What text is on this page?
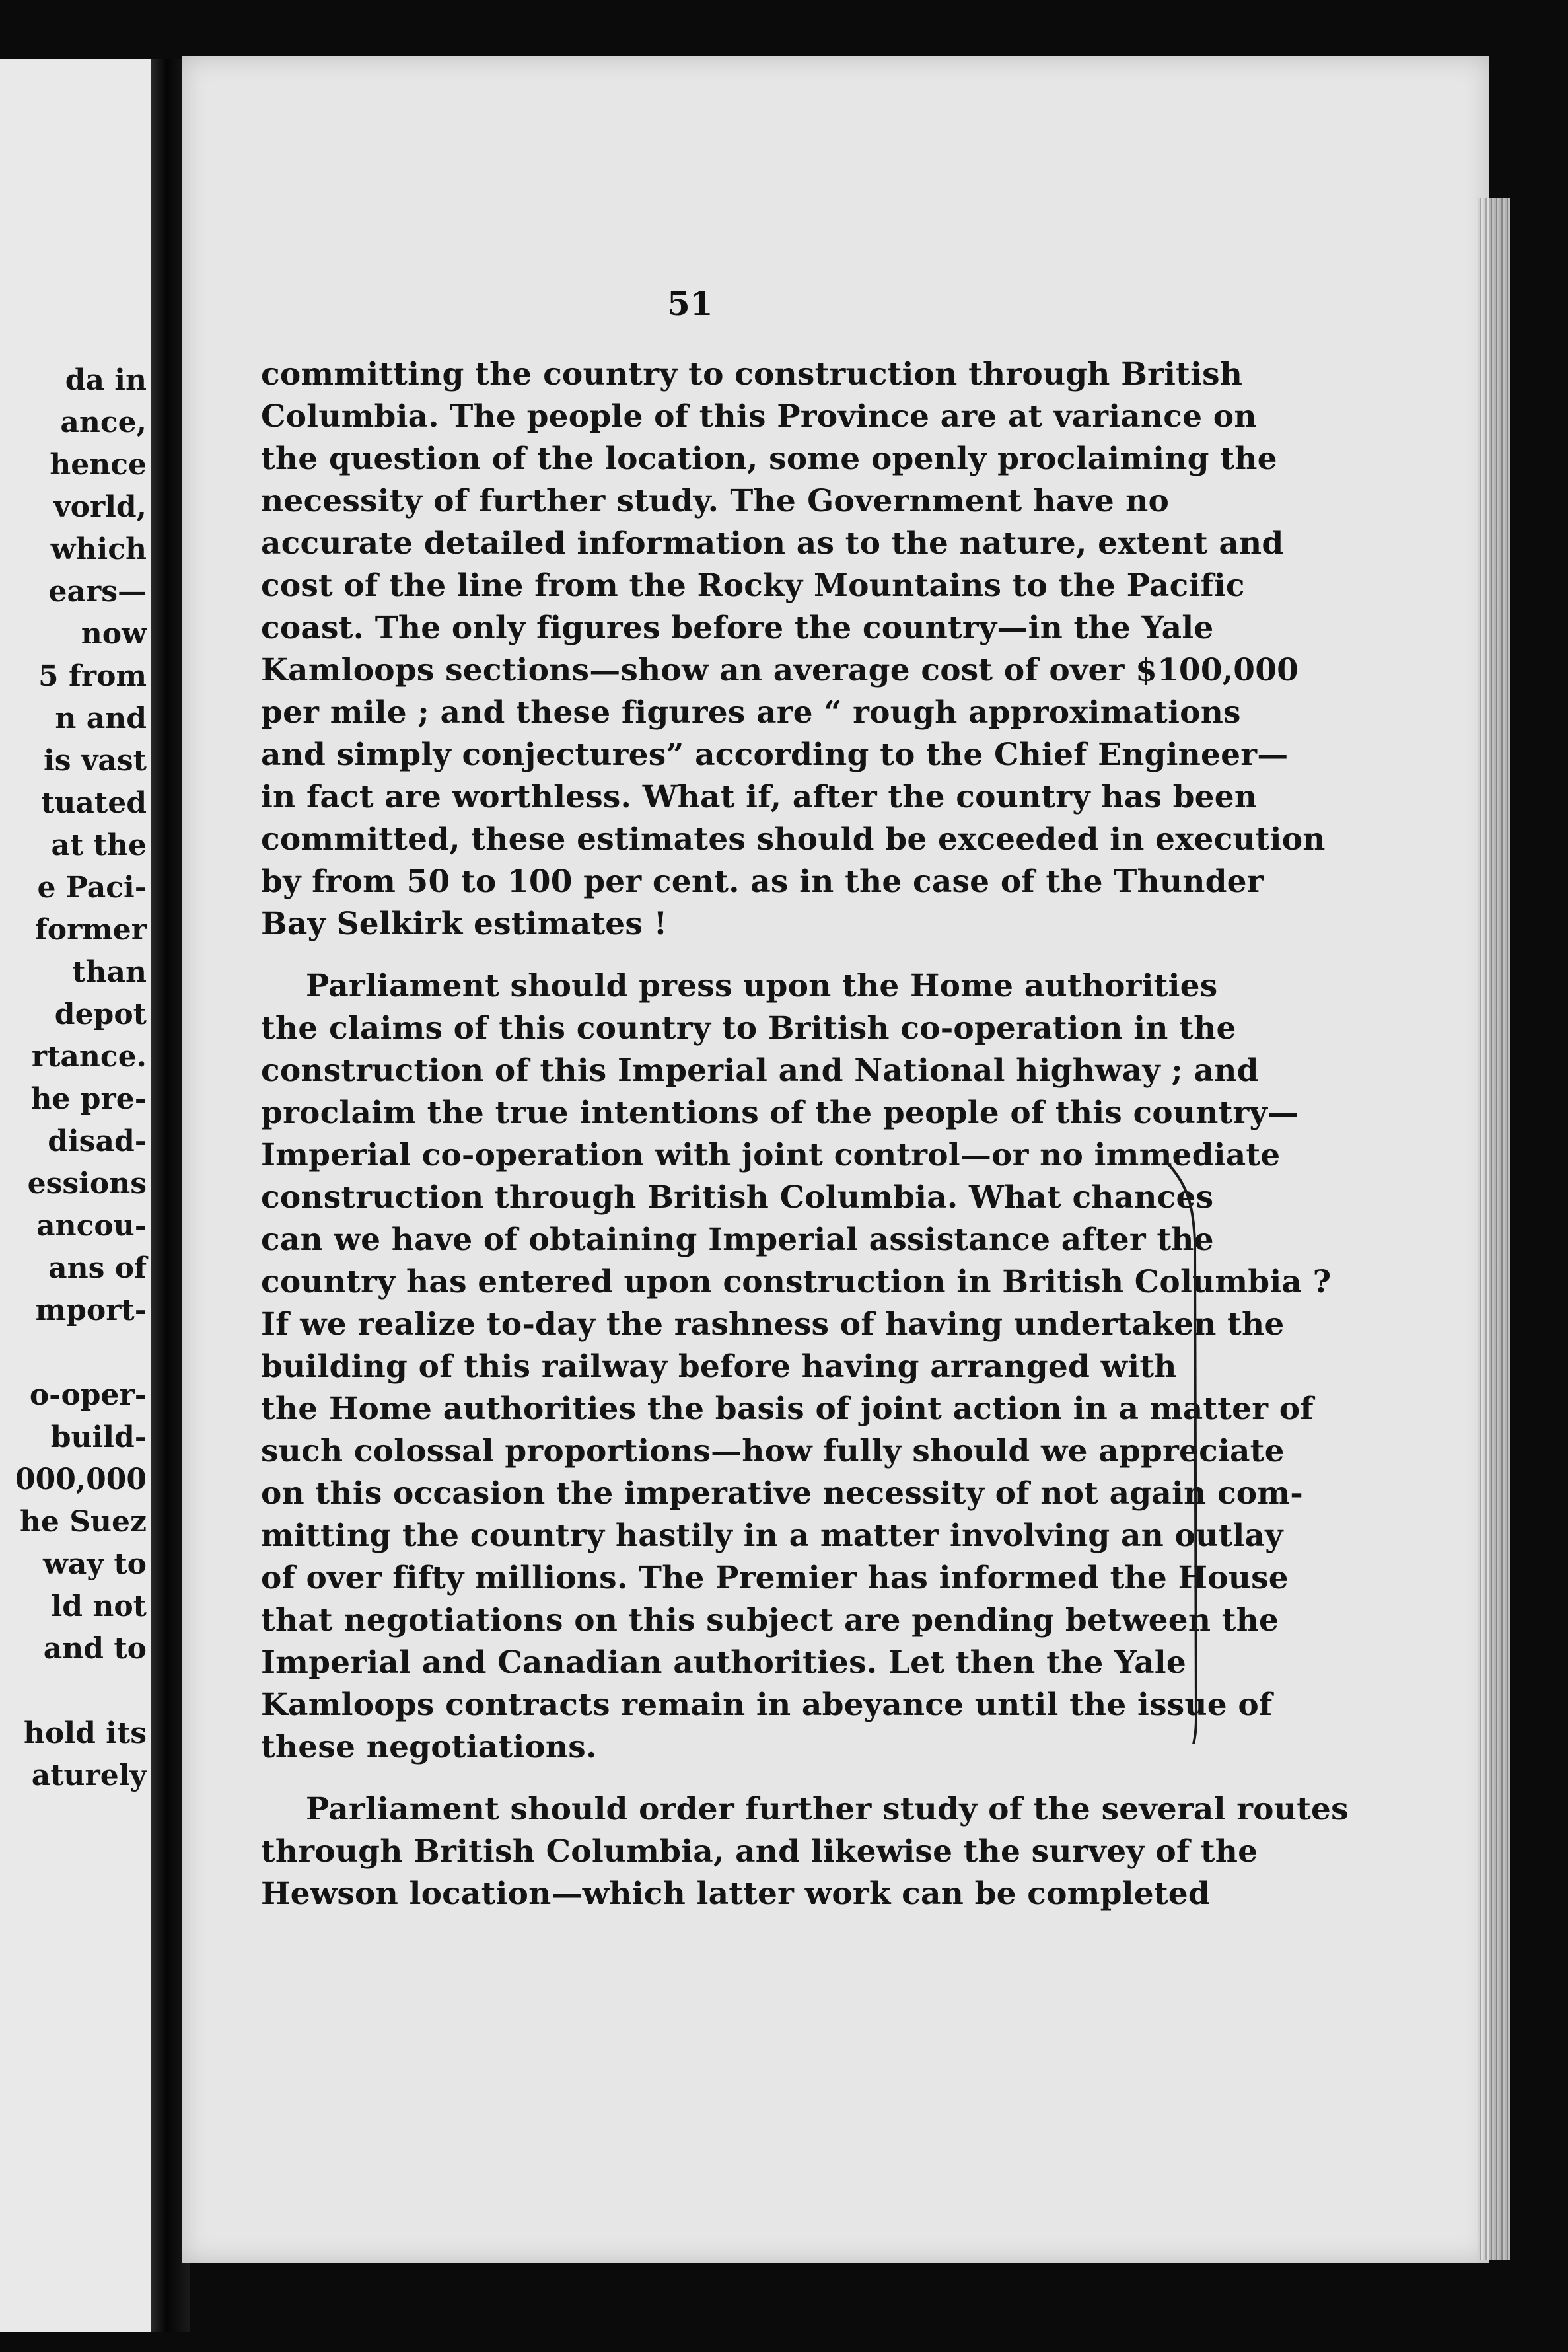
da in
ance,
hence
vorld,
which
ears—
now
5 from
n and
is vast
tuated
at the
e Paci-
former
than
depot
rtance.
he pre-
disad-
essions
ancou-
ans of
mport-
o-oper-
build-
000,000
he Suez
way to
ld not
and to
hold its
aturely
51
committing the country to construction through British
Columbia. The people of this Province are at variance on
the question of the location, some openly proclaiming the
necessity of further study. The Government have no
accurate detailed information as to the nature, extent and
cost of the line from the Rocky Mountains to the Pacific
coast. The only figures before the country—in the Yale
Kamloops sections—show an average cost of over $100,000
per mile ; and these figures are “ rough approximations
and simply conjectures” according to the Chief Engineer—
in fact are worthless. What if, after the country has been
committed, these estimates should be exceeded in execution
by from 50 to 100 per cent. as in the case of the Thunder
Bay Selkirk estimates !
Parliament should press upon the Home authorities
the claims of this country to British co-operation in the
construction of this Imperial and National highway ; and
proclaim the true intentions of the people of this country—
Imperial co-operation with joint control—or no immediate
construction through British Columbia. What chances
can we have of obtaining Imperial assistance after the
country has entered upon construction in British Columbia ?
If we realize to-day the rashness of having undertaken the
building of this railway before having arranged with
the Home authorities the basis of joint action in a matter of
such colossal proportions—how fully should we appreciate
on this occasion the imperative necessity of not again com-
mitting the country hastily in a matter involving an outlay
of over fifty millions. The Premier has informed the House
that negotiations on this subject are pending between the
Imperial and Canadian authorities. Let then the Yale
Kamloops contracts remain in abeyance until the issue of
these negotiations.
Parliament should order further study of the several routes
through British Columbia, and likewise the survey of the
Hewson location—which latter work can be completed
